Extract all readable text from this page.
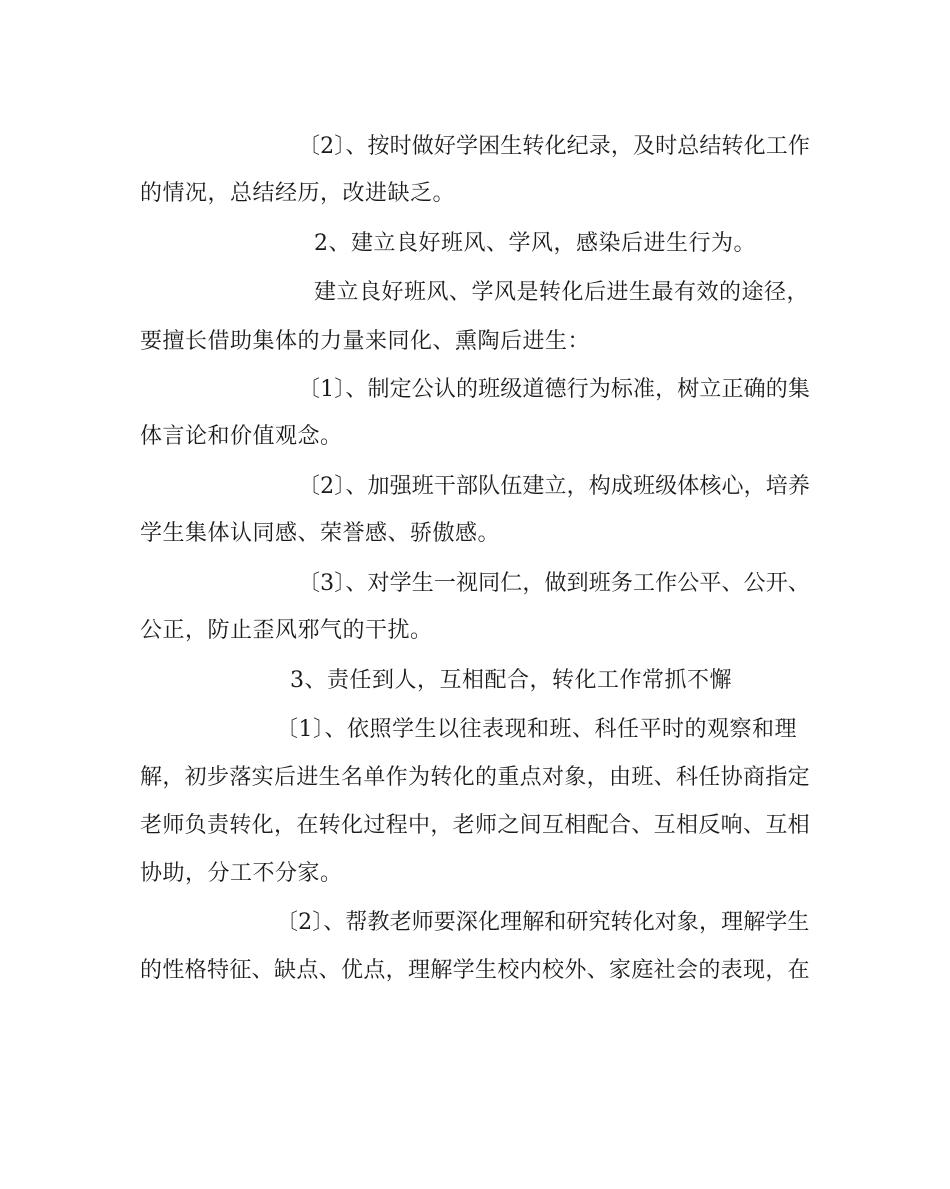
〔2〕、按时做好学困生转化纪录，及时总结转化工作
的情况，总结经历，改进缺乏。
2、建立良好班风、学风，感染后进生行为。
建立良好班风、学风是转化后进生最有效的途径，
要擅长借助集体的力量来同化、熏陶后进生：
〔1〕、制定公认的班级道德行为标准，树立正确的集
体言论和价值观念。
〔2〕、加强班干部队伍建立，构成班级体核心，培养
学生集体认同感、荣誉感、骄傲感。
〔3〕、对学生一视同仁，做到班务工作公平、公开、
公正，防止歪风邪气的干扰。
3、责任到人，互相配合，转化工作常抓不懈
〔1〕、依照学生以往表现和班、科任平时的观察和理
解，初步落实后进生名单作为转化的重点对象，由班、科任协商指定
老师负责转化，在转化过程中，老师之间互相配合、互相反响、互相
协助，分工不分家。
〔2〕、帮教老师要深化理解和研究转化对象，理解学生
的性格特征、缺点、优点，理解学生校内校外、家庭社会的表现，在
